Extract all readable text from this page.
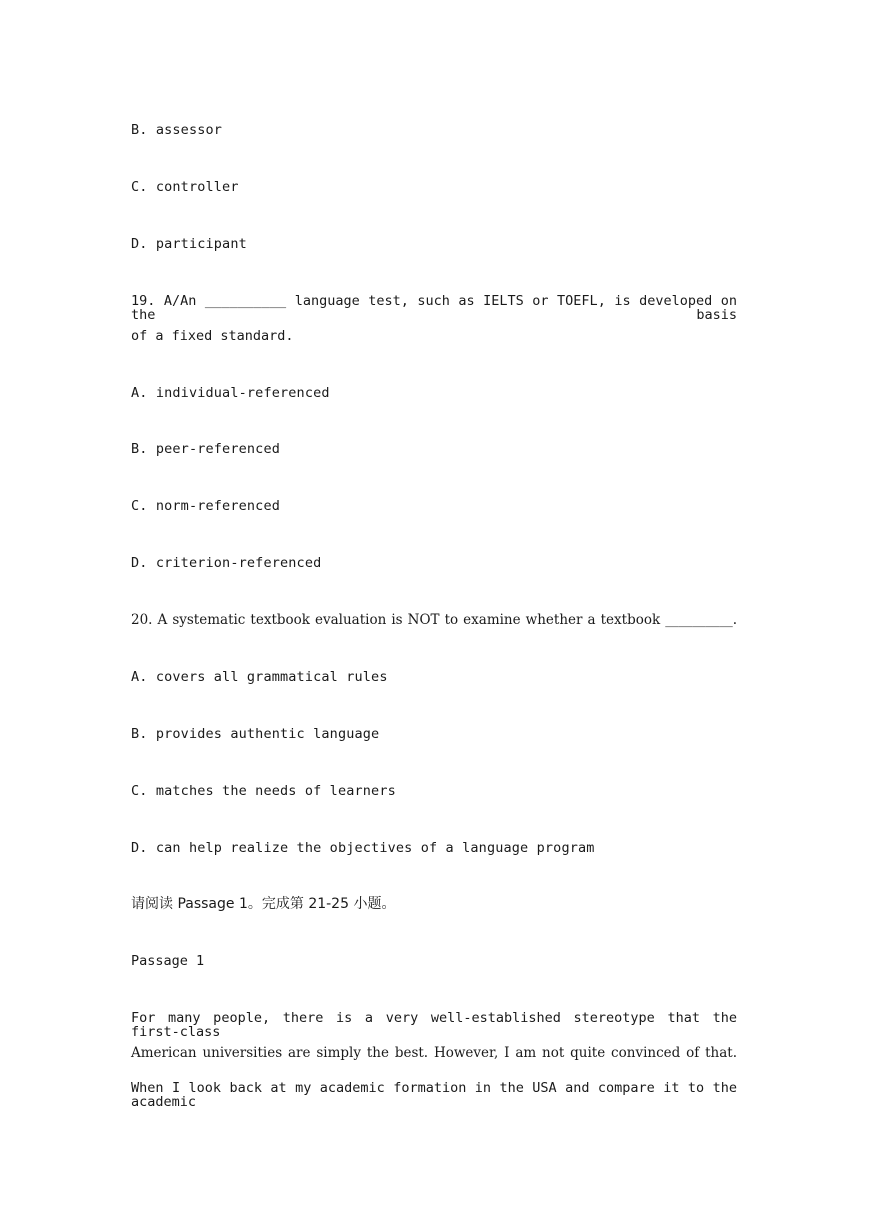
B. assessor
C. controller
D. participant
19. A/An __________ language test, such as IELTS or TOEFL, is developed on the basis
of a fixed standard.
A. individual-referenced
B. peer-referenced
C. norm-referenced
D. criterion-referenced
20. A systematic textbook evaluation is NOT to examine whether a textbook __________.
A. covers all grammatical rules
B. provides authentic language
C. matches the needs of learners
D. can help realize the objectives of a language program
请阅读 Passage 1。完成第 21-25 小题。
Passage 1
For many people, there is a very well-established stereotype that the first-class
American universities are simply the best. However, I am not quite convinced of that.
When I look back at my academic formation in the USA and compare it to the academic
